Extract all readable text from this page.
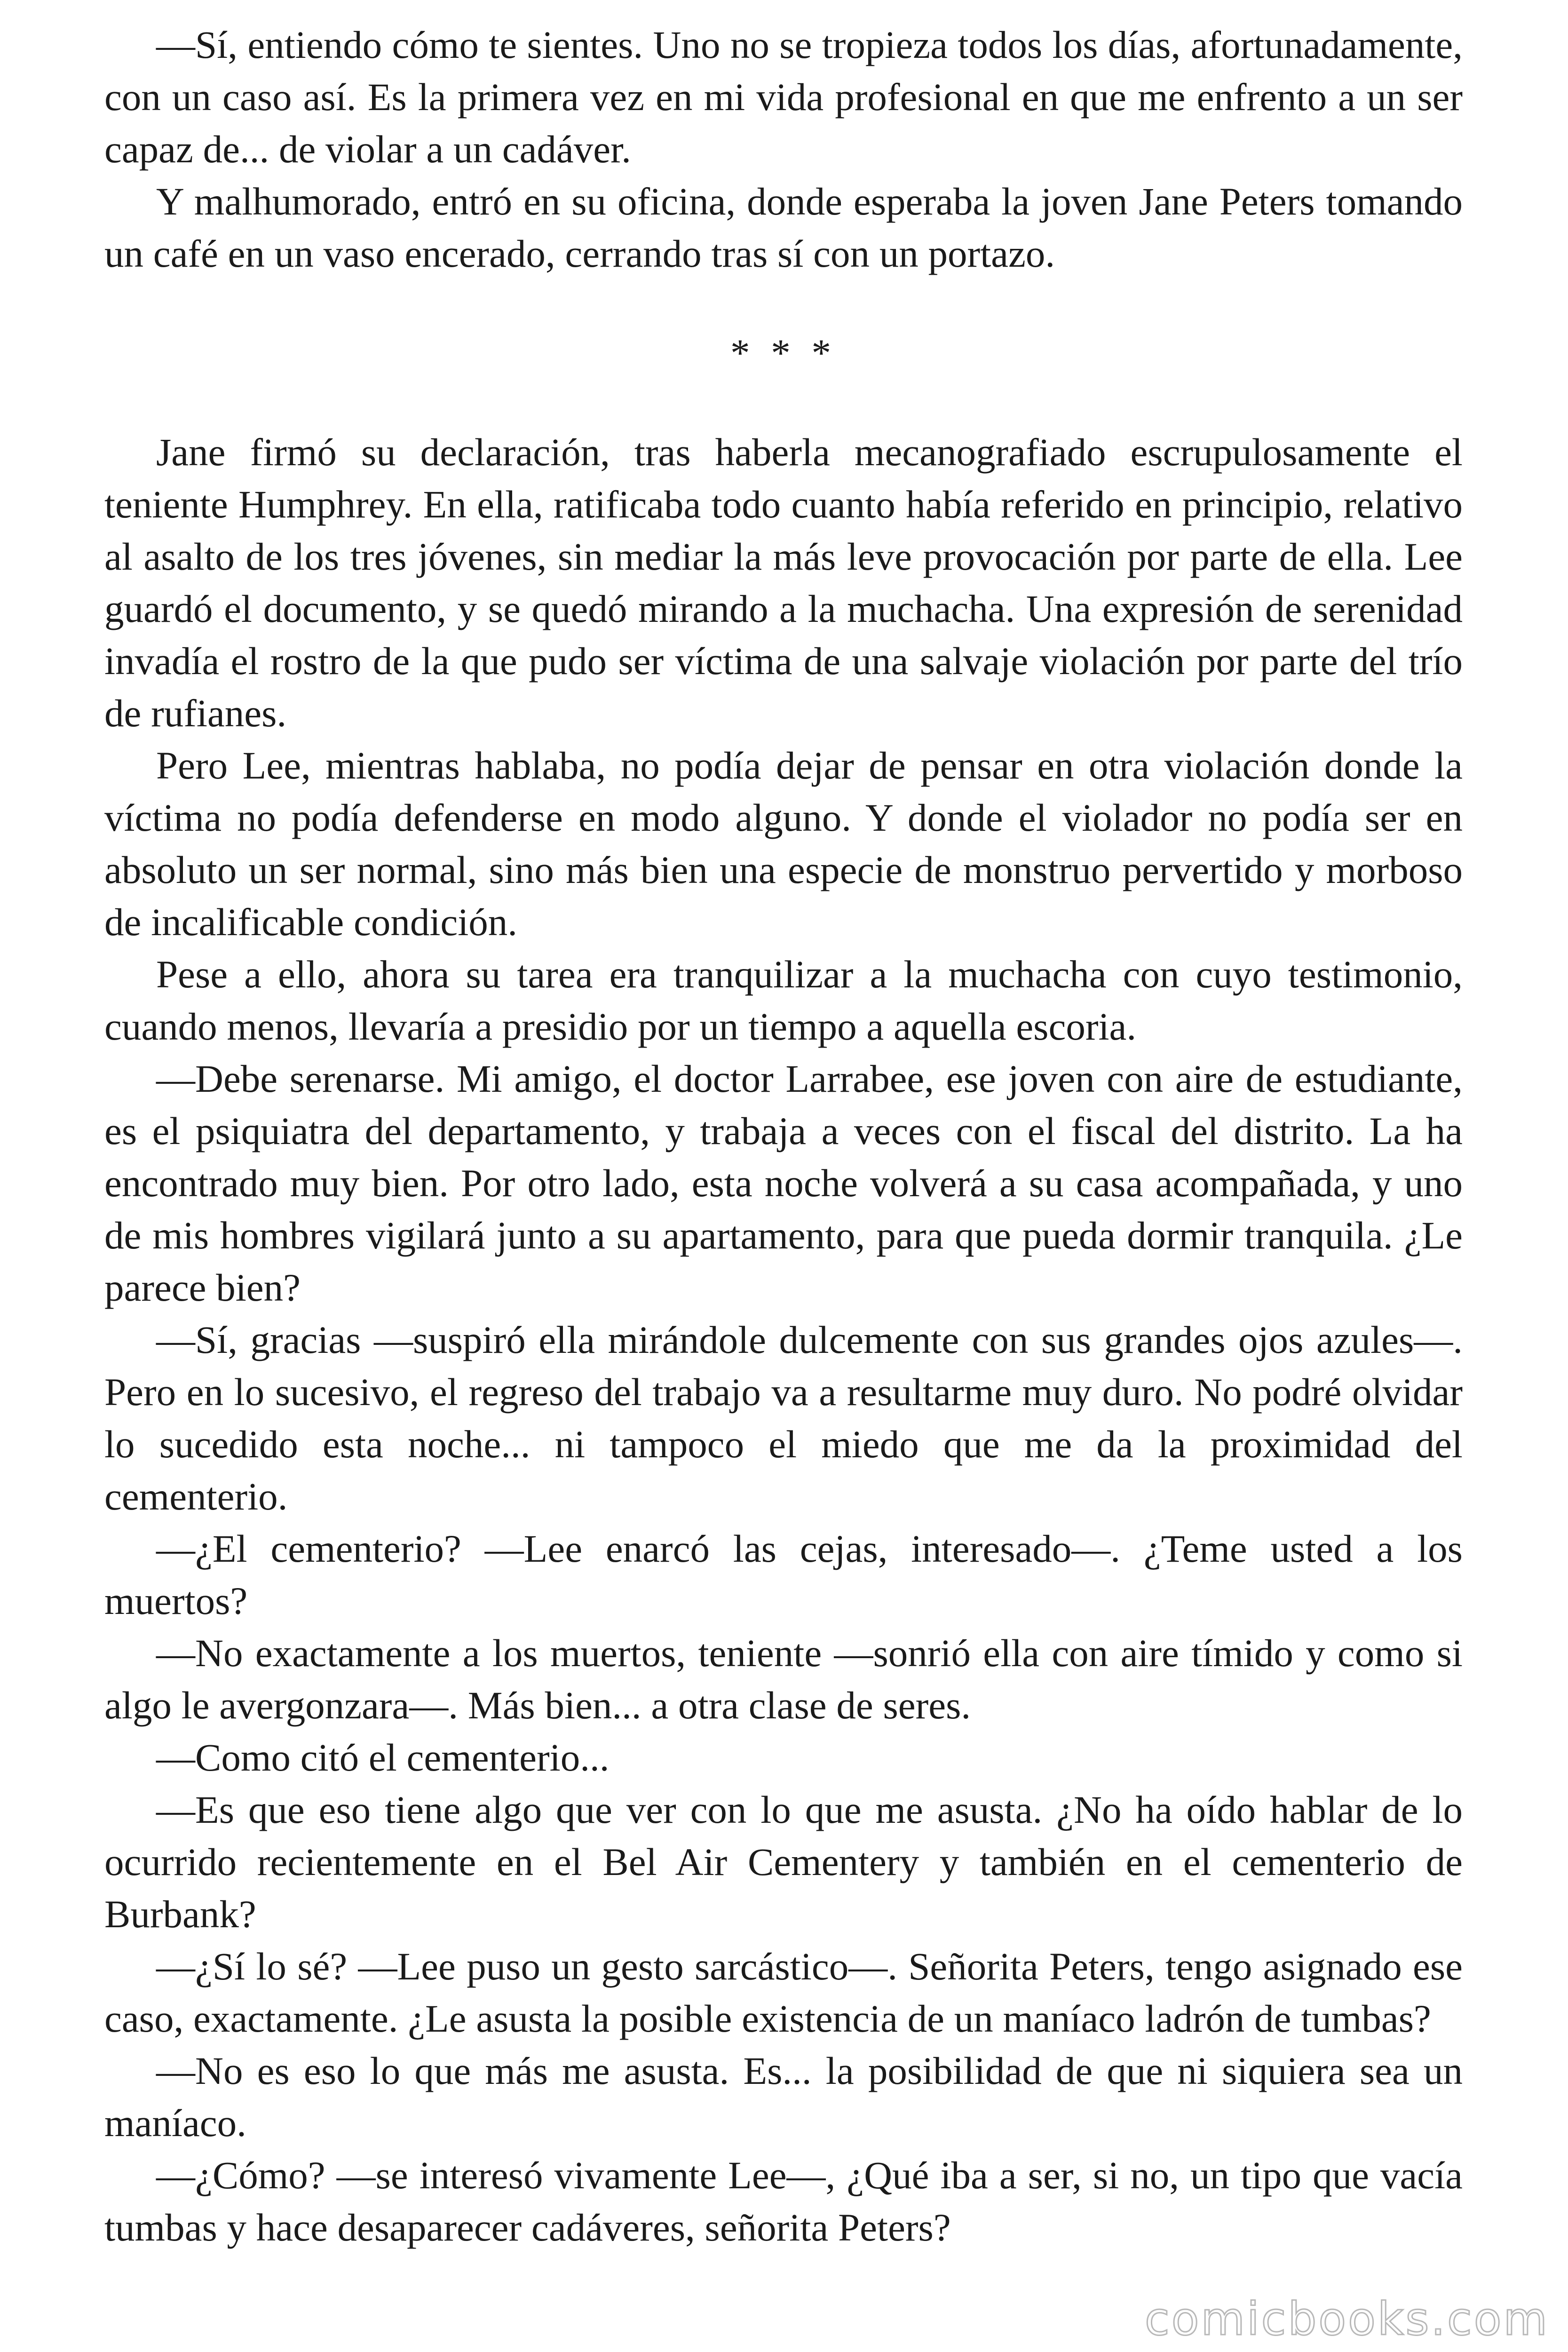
—Sí, entiendo cómo te sientes. Uno no se tropieza todos los días, afortunadamente, con un caso así. Es la primera vez en mi vida profesional en que me enfrento a un ser capaz de... de violar a un cadáver.

Y malhumorado, entró en su oficina, donde esperaba la joven Jane Peters tomando un café en un vaso encerado, cerrando tras sí con un portazo.

* * *

Jane firmó su declaración, tras haberla mecanografiado escrupulosamente el teniente Humphrey. En ella, ratificaba todo cuanto había referido en principio, relativo al asalto de los tres jóvenes, sin mediar la más leve provocación por parte de ella. Lee guardó el documento, y se quedó mirando a la muchacha. Una expresión de serenidad invadía el rostro de la que pudo ser víctima de una salvaje violación por parte del trío de rufianes.

Pero Lee, mientras hablaba, no podía dejar de pensar en otra violación donde la víctima no podía defenderse en modo alguno. Y donde el violador no podía ser en absoluto un ser normal, sino más bien una especie de monstruo pervertido y morboso de incalificable condición.

Pese a ello, ahora su tarea era tranquilizar a la muchacha con cuyo testimonio, cuando menos, llevaría a presidio por un tiempo a aquella escoria.

—Debe serenarse. Mi amigo, el doctor Larrabee, ese joven con aire de estudiante, es el psiquiatra del departamento, y trabaja a veces con el fiscal del distrito. La ha encontrado muy bien. Por otro lado, esta noche volverá a su casa acompañada, y uno de mis hombres vigilará junto a su apartamento, para que pueda dormir tranquila. ¿Le parece bien?

—Sí, gracias —suspiró ella mirándole dulcemente con sus grandes ojos azules—. Pero en lo sucesivo, el regreso del trabajo va a resultarme muy duro. No podré olvidar lo sucedido esta noche... ni tampoco el miedo que me da la proximidad del cementerio.

—¿El cementerio? —Lee enarcó las cejas, interesado—. ¿Teme usted a los muertos?

—No exactamente a los muertos, teniente —sonrió ella con aire tímido y como si algo le avergonzara—. Más bien... a otra clase de seres.

—Como citó el cementerio...

—Es que eso tiene algo que ver con lo que me asusta. ¿No ha oído hablar de lo ocurrido recientemente en el Bel Air Cementery y también en el cementerio de Burbank?

—¿Sí lo sé? —Lee puso un gesto sarcástico—. Señorita Peters, tengo asignado ese caso, exactamente. ¿Le asusta la posible existencia de un maníaco ladrón de tumbas?

—No es eso lo que más me asusta. Es... la posibilidad de que ni siquiera sea un maníaco.

—¿Cómo? —se interesó vivamente Lee—, ¿Qué iba a ser, si no, un tipo que vacía tumbas y hace desaparecer cadáveres, señorita Peters?

comicbooks.com
